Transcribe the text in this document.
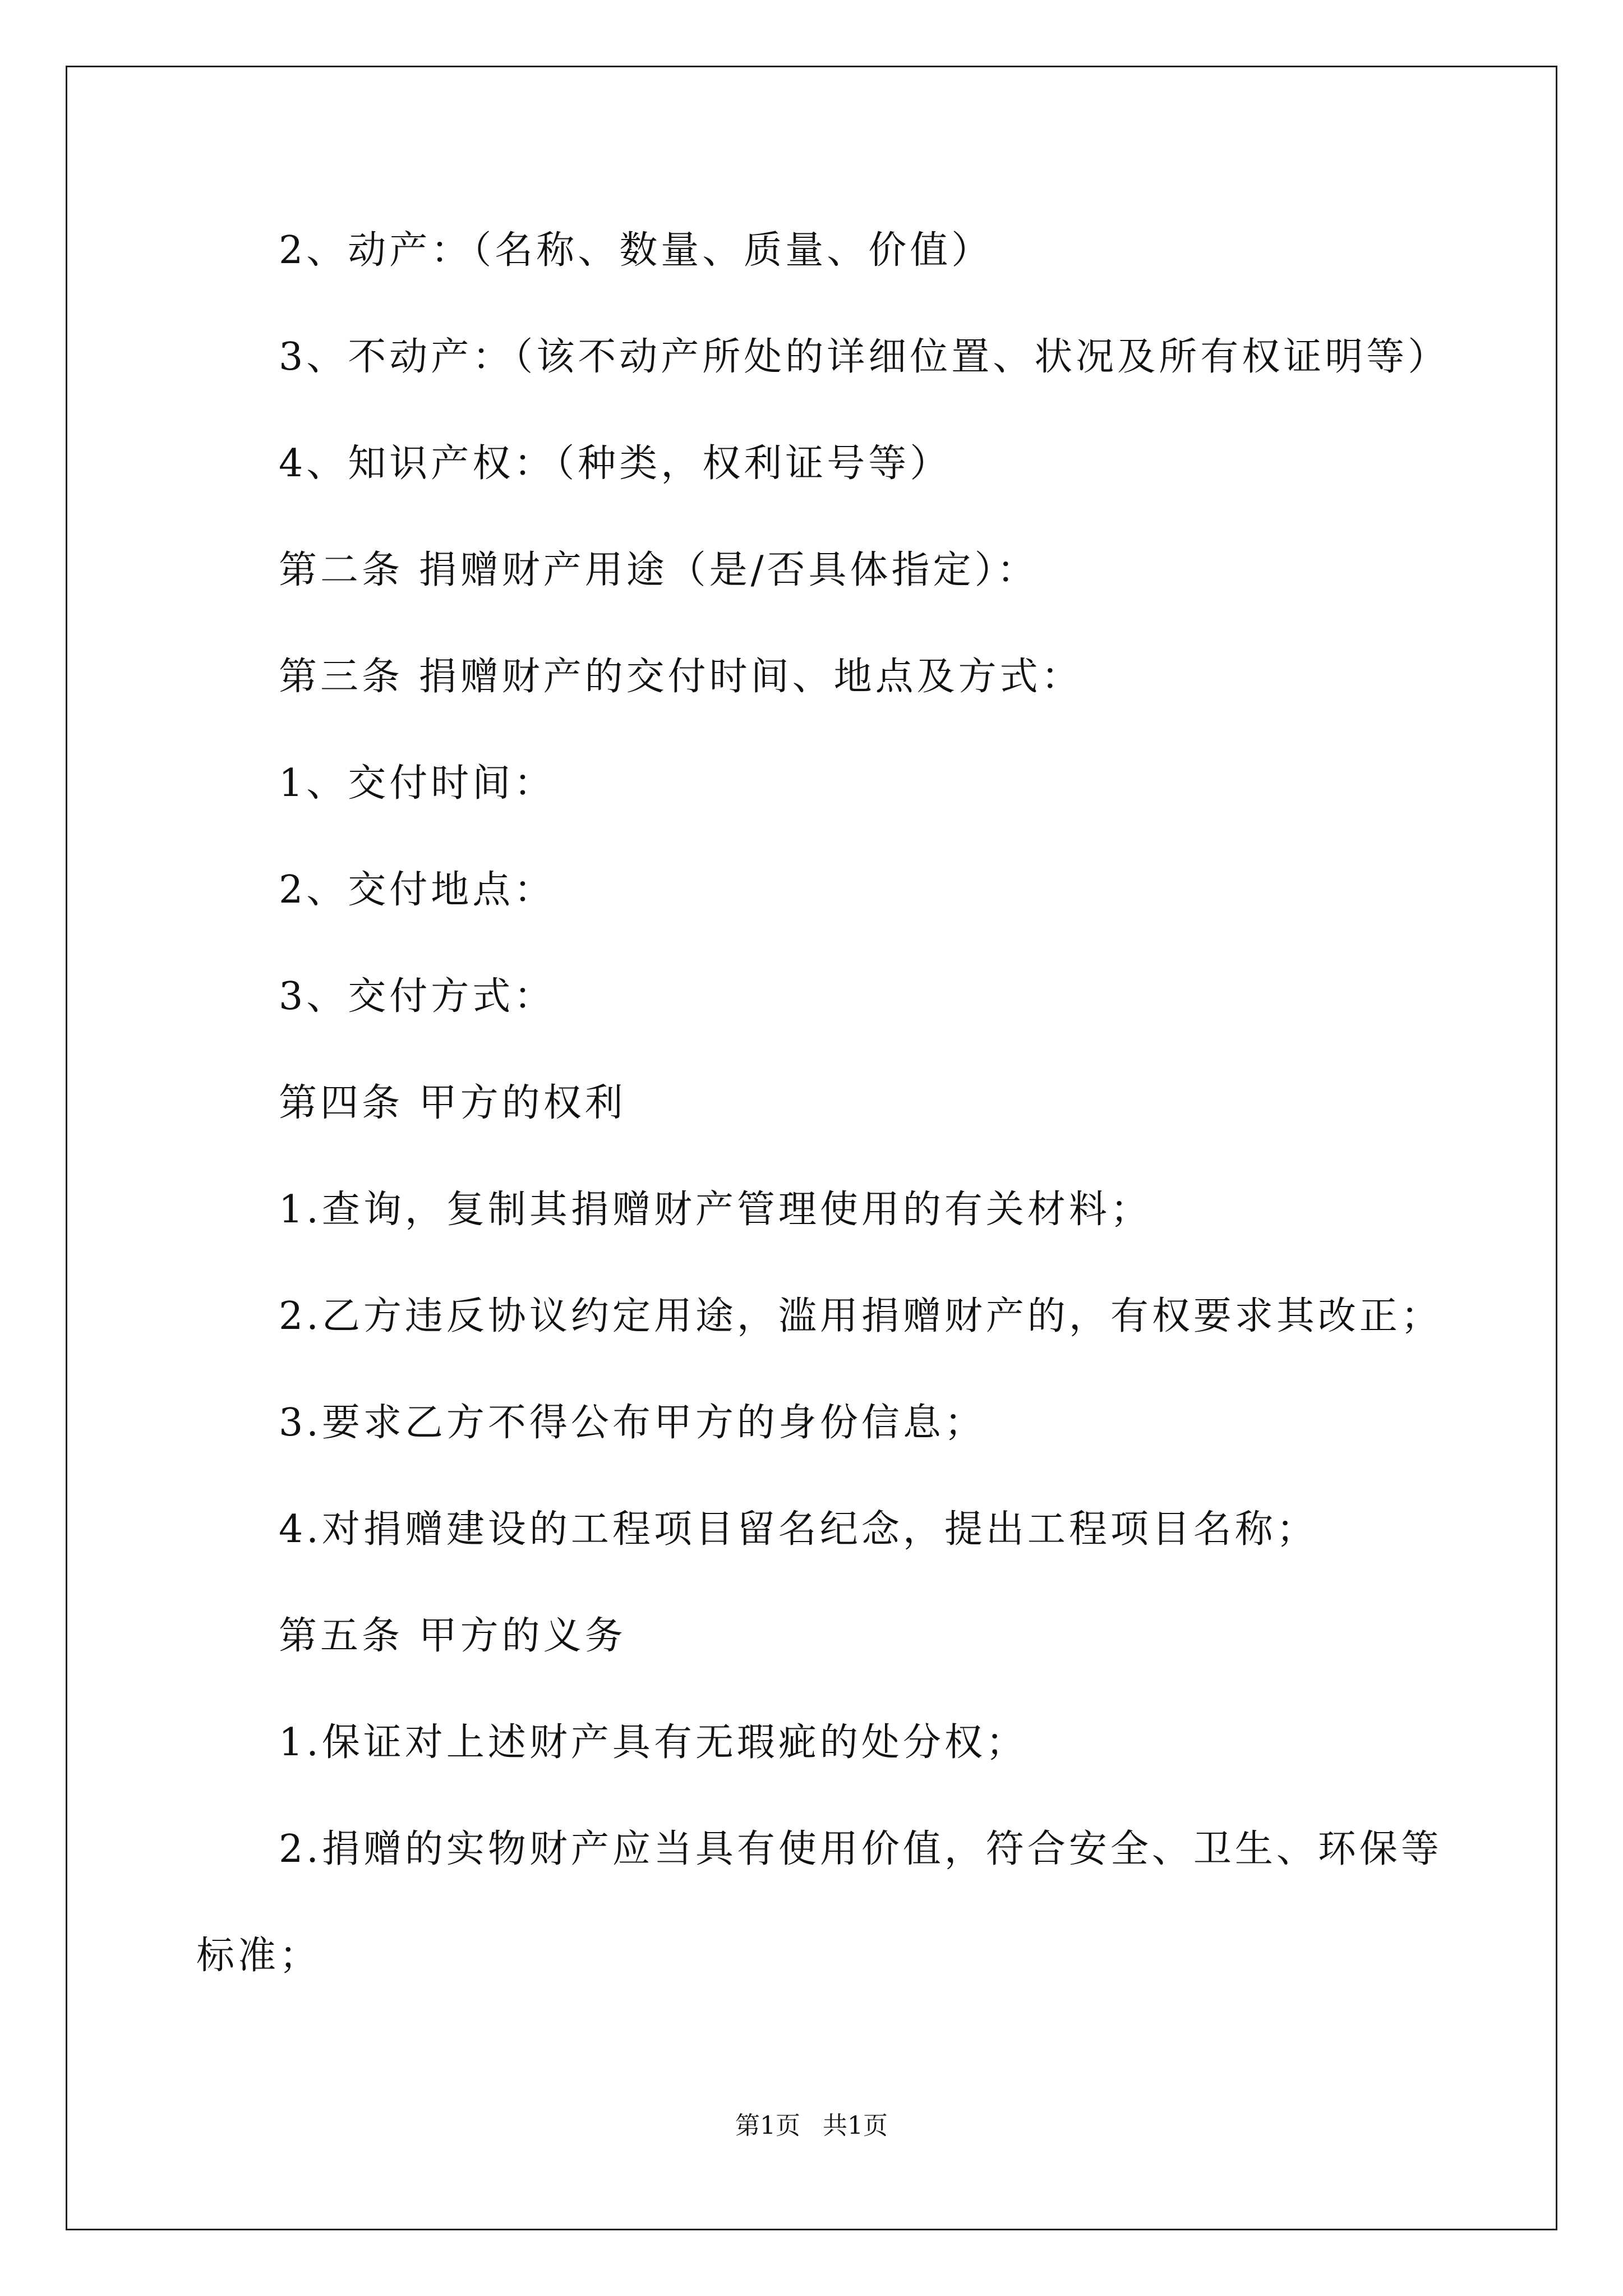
2、动产：（名称、数量、质量、价值）
3、不动产：（该不动产所处的详细位置、状况及所有权证明等）
4、知识产权：（种类，权利证号等）
第二条 捐赠财产用途（是/否具体指定）：
第三条 捐赠财产的交付时间、地点及方式：
1、交付时间：
2、交付地点：
3、交付方式：
第四条 甲方的权利
1.查询，复制其捐赠财产管理使用的有关材料；
2.乙方违反协议约定用途，滥用捐赠财产的，有权要求其改正；
3.要求乙方不得公布甲方的身份信息；
4.对捐赠建设的工程项目留名纪念，提出工程项目名称；
第五条 甲方的义务
1.保证对上述财产具有无瑕疵的处分权；
2.捐赠的实物财产应当具有使用价值，符合安全、卫生、环保等
标准；
第1页 共1页
